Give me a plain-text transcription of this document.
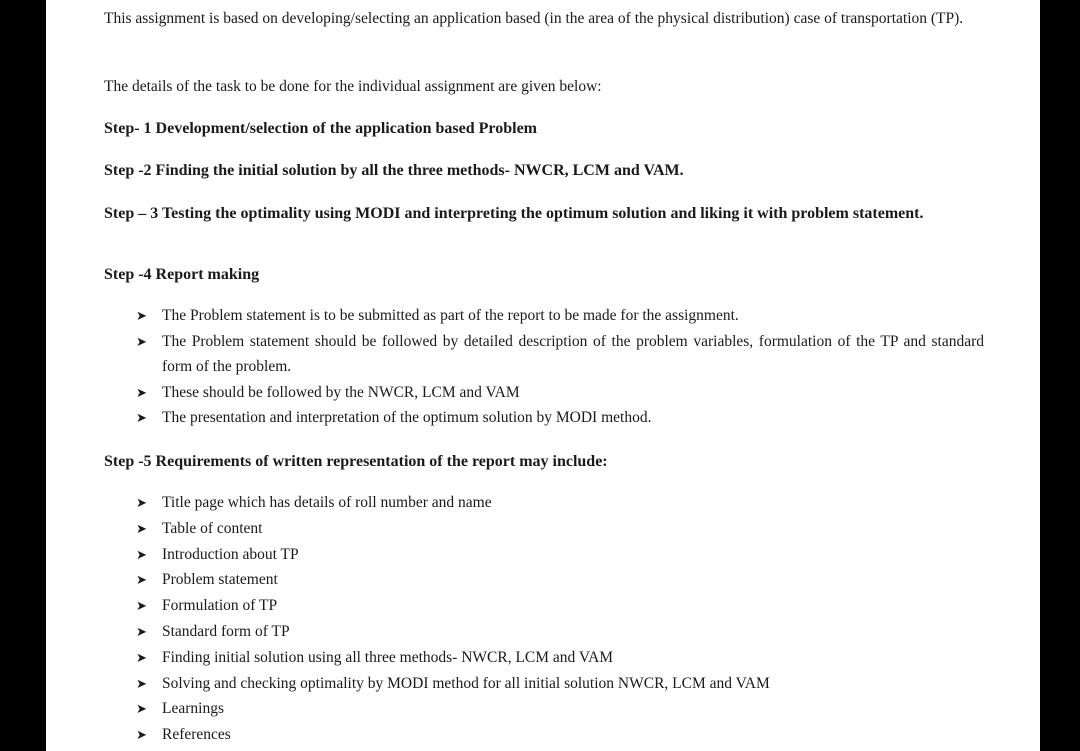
This assignment is based on developing/selecting an application based (in the area of the physical distribution) case of transportation (TP).

The details of the task to be done for the individual assignment are given below:

Step- 1 Development/selection of the application based Problem

Step -2 Finding the initial solution by all the three methods- NWCR, LCM and VAM.

Step – 3 Testing the optimality using MODI and interpreting the optimum solution and liking it with problem statement.

Step -4 Report making

➤ The Problem statement is to be submitted as part of the report to be made for the assignment.
➤ The Problem statement should be followed by detailed description of the problem variables, formulation of the TP and standard form of the problem.
➤ These should be followed by the NWCR, LCM and VAM
➤ The presentation and interpretation of the optimum solution by MODI method.

Step -5 Requirements of written representation of the report may include:

➤ Title page which has details of roll number and name
➤ Table of content
➤ Introduction about TP
➤ Problem statement
➤ Formulation of TP
➤ Standard form of TP
➤ Finding initial solution using all three methods- NWCR, LCM and VAM
➤ Solving and checking optimality by MODI method for all initial solution NWCR, LCM and VAM
➤ Learnings
➤ References
